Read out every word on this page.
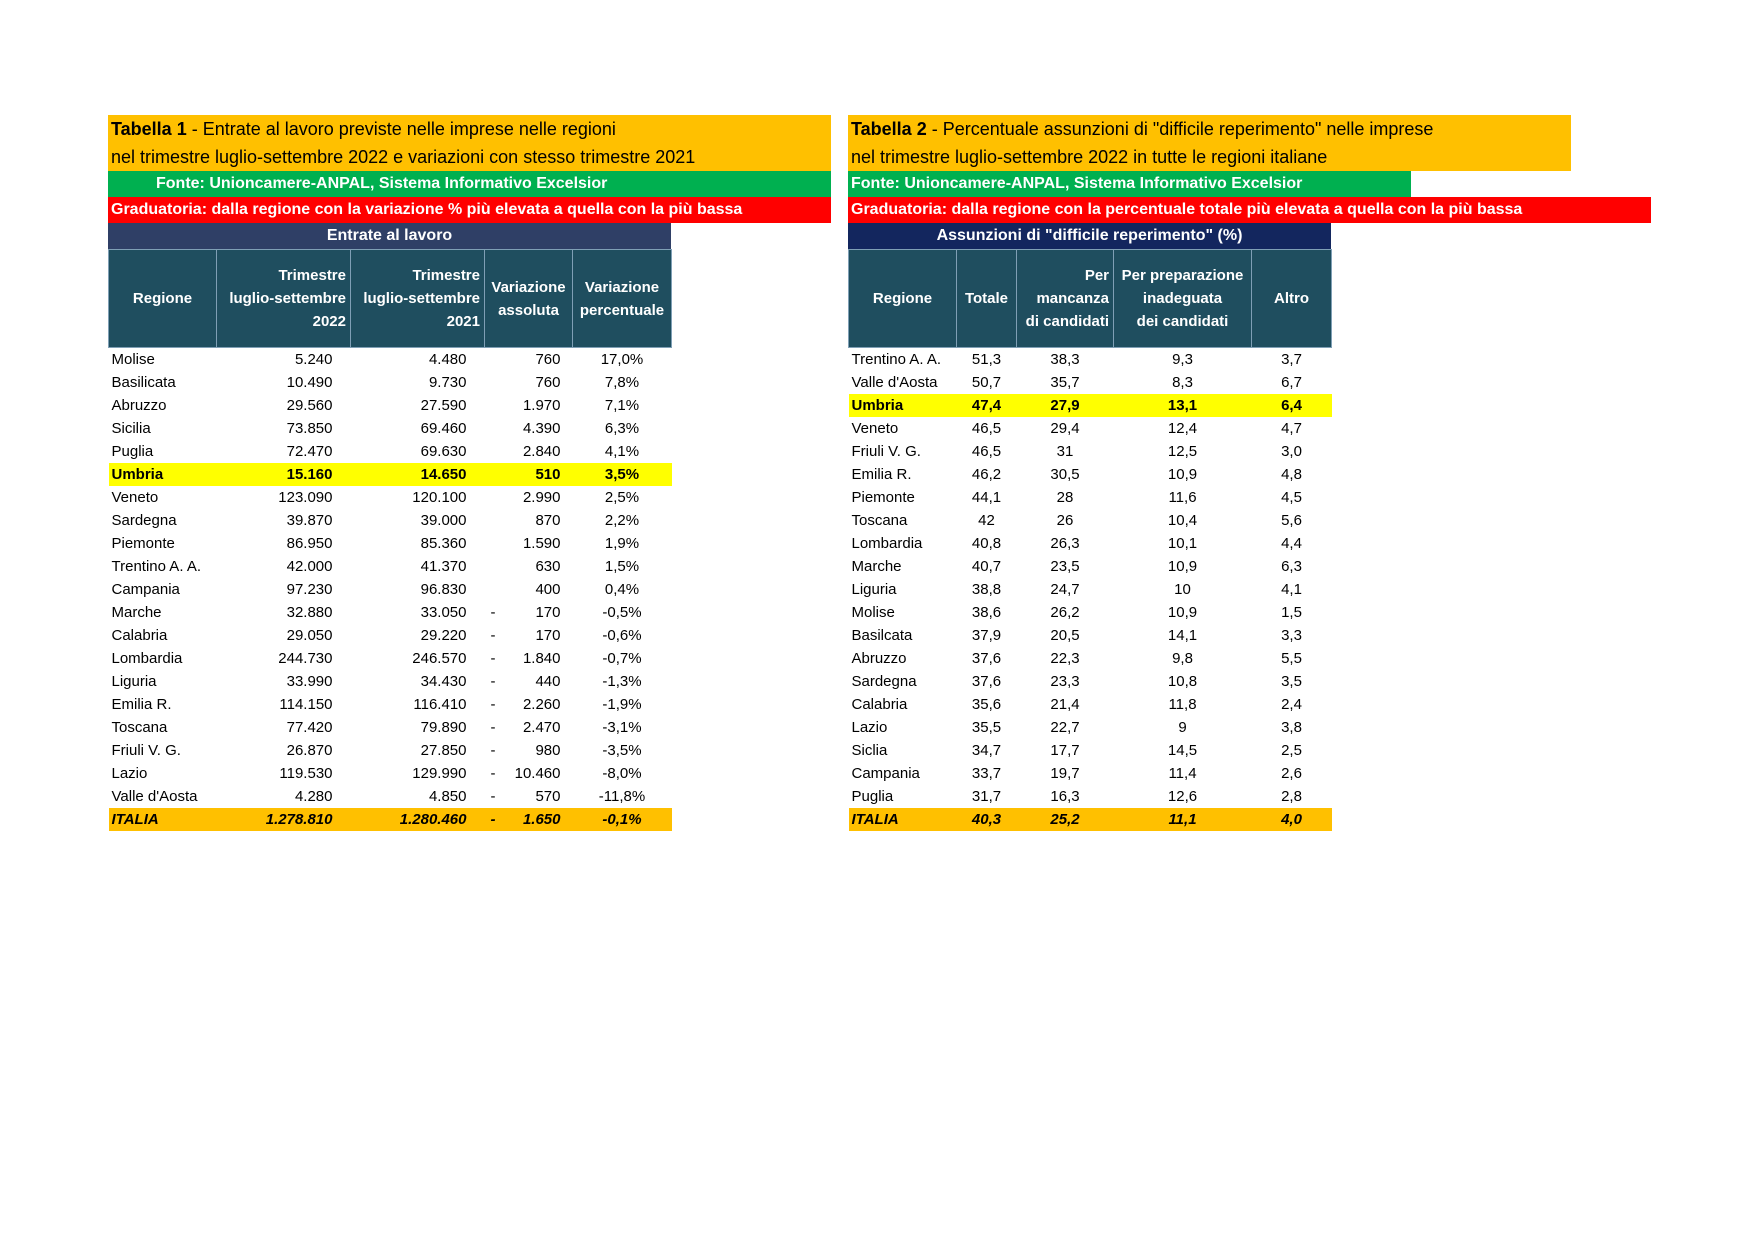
Tabella 1 - Entrate al lavoro previste nelle imprese nelle regioni
nel trimestre luglio-settembre 2022 e variazioni con stesso trimestre 2021
Fonte: Unioncamere-ANPAL, Sistema Informativo Excelsior
Graduatoria: dalla regione con la variazione % più elevata a quella con la più bassa
Entrate al lavoro
Regione	Trimestre
luglio-settembre
2022	Trimestre
luglio-settembre
2021	Variazione
assoluta	Variazione
percentuale
Molise	5.240	4.480	760	17,0%
Basilicata	10.490	9.730	760	7,8%
Abruzzo	29.560	27.590	1.970	7,1%
Sicilia	73.850	69.460	4.390	6,3%
Puglia	72.470	69.630	2.840	4,1%
Umbria	15.160	14.650	510	3,5%
Veneto	123.090	120.100	2.990	2,5%
Sardegna	39.870	39.000	870	2,2%
Piemonte	86.950	85.360	1.590	1,9%
Trentino A. A.	42.000	41.370	630	1,5%
Campania	97.230	96.830	400	0,4%
Marche	32.880	33.050	- 170	-0,5%
Calabria	29.050	29.220	- 170	-0,6%
Lombardia	244.730	246.570	- 1.840	-0,7%
Liguria	33.990	34.430	- 440	-1,3%
Emilia R.	114.150	116.410	- 2.260	-1,9%
Toscana	77.420	79.890	- 2.470	-3,1%
Friuli V. G.	26.870	27.850	- 980	-3,5%
Lazio	119.530	129.990	- 10.460	-8,0%
Valle d'Aosta	4.280	4.850	- 570	-11,8%
ITALIA	1.278.810	1.280.460	- 1.650	-0,1%
Tabella 2 - Percentuale assunzioni di "difficile reperimento" nelle imprese
nel trimestre luglio-settembre 2022 in tutte le regioni italiane
Fonte: Unioncamere-ANPAL, Sistema Informativo Excelsior
Graduatoria: dalla regione con la percentuale totale più elevata a quella con la più bassa
Assunzioni di "difficile reperimento" (%)
Regione	Totale	Per
mancanza
di candidati	Per preparazione
inadeguata
dei candidati	Altro
Trentino A. A.	51,3	38,3	9,3	3,7
Valle d'Aosta	50,7	35,7	8,3	6,7
Umbria	47,4	27,9	13,1	6,4
Veneto	46,5	29,4	12,4	4,7
Friuli V. G.	46,5	31	12,5	3,0
Emilia R.	46,2	30,5	10,9	4,8
Piemonte	44,1	28	11,6	4,5
Toscana	42	26	10,4	5,6
Lombardia	40,8	26,3	10,1	4,4
Marche	40,7	23,5	10,9	6,3
Liguria	38,8	24,7	10	4,1
Molise	38,6	26,2	10,9	1,5
Basilcata	37,9	20,5	14,1	3,3
Abruzzo	37,6	22,3	9,8	5,5
Sardegna	37,6	23,3	10,8	3,5
Calabria	35,6	21,4	11,8	2,4
Lazio	35,5	22,7	9	3,8
Siclia	34,7	17,7	14,5	2,5
Campania	33,7	19,7	11,4	2,6
Puglia	31,7	16,3	12,6	2,8
ITALIA	40,3	25,2	11,1	4,0
